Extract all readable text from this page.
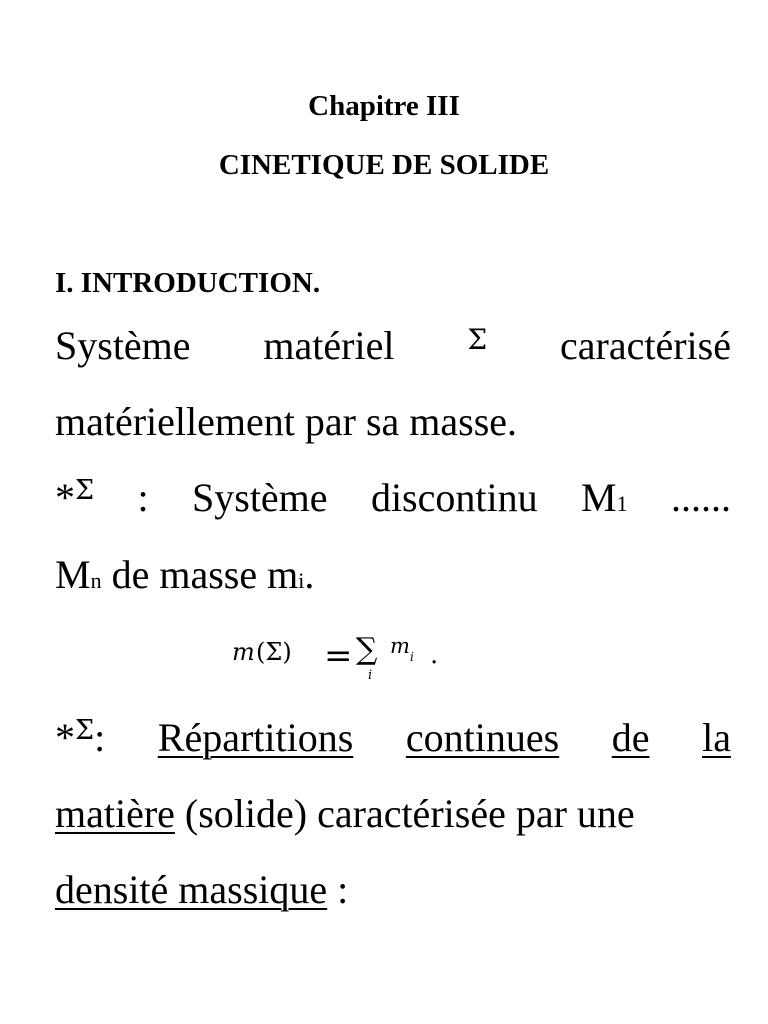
Chapitre III
CINETIQUE DE SOLIDE
I. INTRODUCTION.
Système matériel	Σ caractérisé
matériellement par sa masse.
*$^\Sigma$ : Système discontinu M1 ......
Mn de masse mi.
m (Σ) = ∑
i
m i .
*$^\Sigma$: Répartitions continues de la
matière (solide) caractérisée par une
densité massique :
